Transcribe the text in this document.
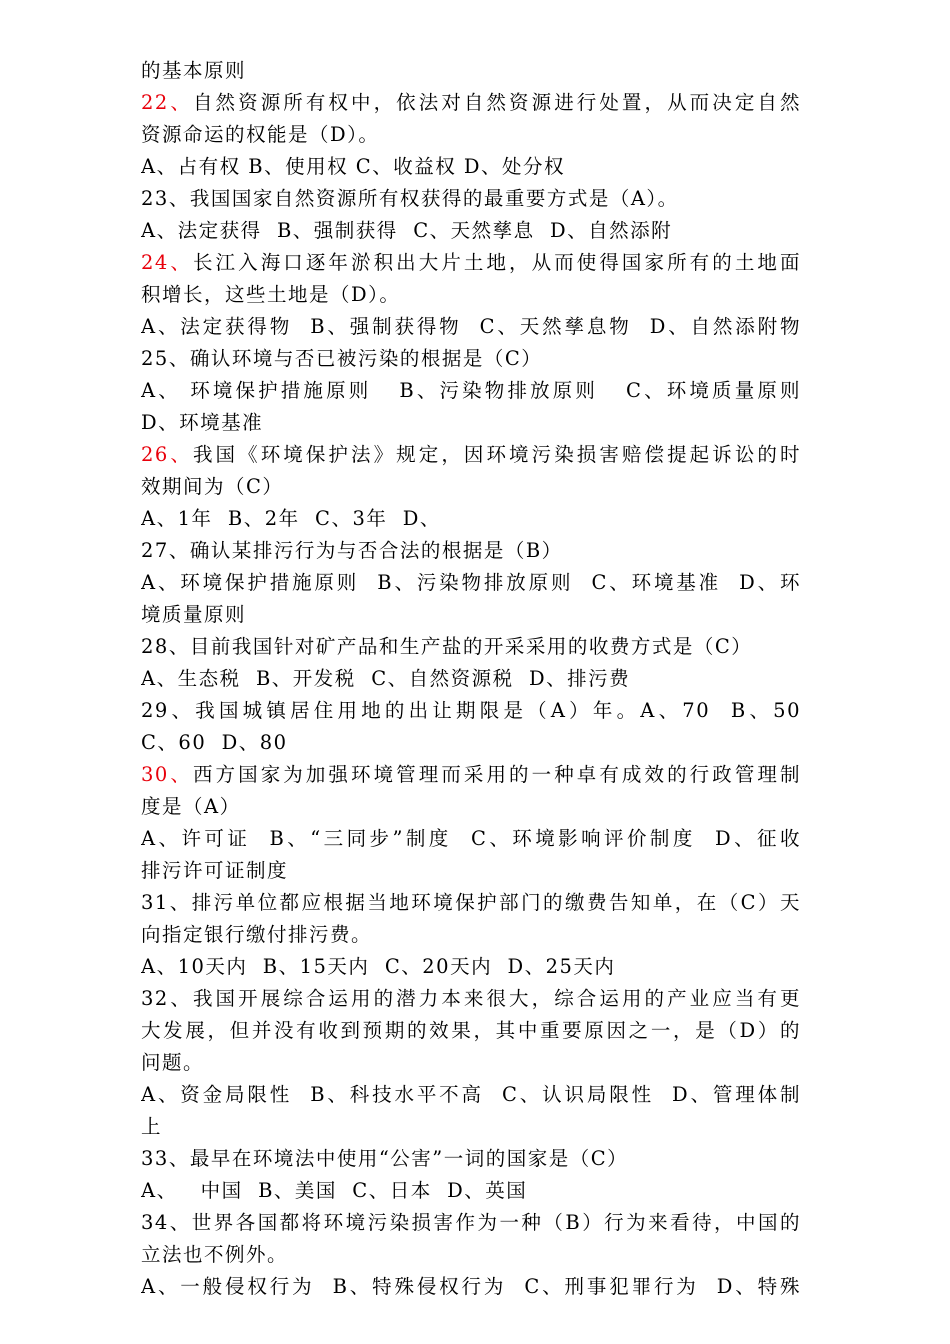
的基本原则
22、自然资源所有权中，依法对自然资源进行处置，从而决定自然
资源命运的权能是（D）。
A、占有权 B、使用权 C、收益权 D、处分权
23、我国国家自然资源所有权获得的最重要方式是（A）。
A、法定获得  B、强制获得  C、天然孳息  D、自然添附
24、长江入海口逐年淤积出大片土地，从而使得国家所有的土地面
积增长，这些土地是（D）。
A、法定获得物  B、强制获得物  C、天然孳息物  D、自然添附物
25、确认环境与否已被污染的根据是（C）
A、 环境保护措施原则   B、污染物排放原则   C、环境质量原则
D、环境基准
26、我国《环境保护法》规定，因环境污染损害赔偿提起诉讼的时
效期间为（C）
A、1年  B、2年  C、3年  D、
27、确认某排污行为与否合法的根据是（B）
A、环境保护措施原则  B、污染物排放原则  C、环境基准  D、环
境质量原则
28、目前我国针对矿产品和生产盐的开采采用的收费方式是（C）
A、生态税  B、开发税  C、自然资源税  D、排污费
29、我国城镇居住用地的出让期限是（A）年。A、70  B、50
C、60  D、80
30、西方国家为加强环境管理而采用的一种卓有成效的行政管理制
度是（A）
A、许可证  B、“三同步”制度  C、环境影响评价制度  D、征收
排污许可证制度
31、排污单位都应根据当地环境保护部门的缴费告知单，在（C）天
向指定银行缴付排污费。
A、10天内  B、15天内  C、20天内  D、25天内
32、我国开展综合运用的潜力本来很大，综合运用的产业应当有更
大发展，但并没有收到预期的效果，其中重要原因之一，是（D）的
问题。
A、资金局限性  B、科技水平不高  C、认识局限性  D、管理体制
上
33、最早在环境法中使用“公害”一词的国家是（C）
A、   中国  B、美国  C、日本  D、英国
34、世界各国都将环境污染损害作为一种（B）行为来看待，中国的
立法也不例外。
A、一般侵权行为  B、特殊侵权行为  C、刑事犯罪行为  D、特殊
